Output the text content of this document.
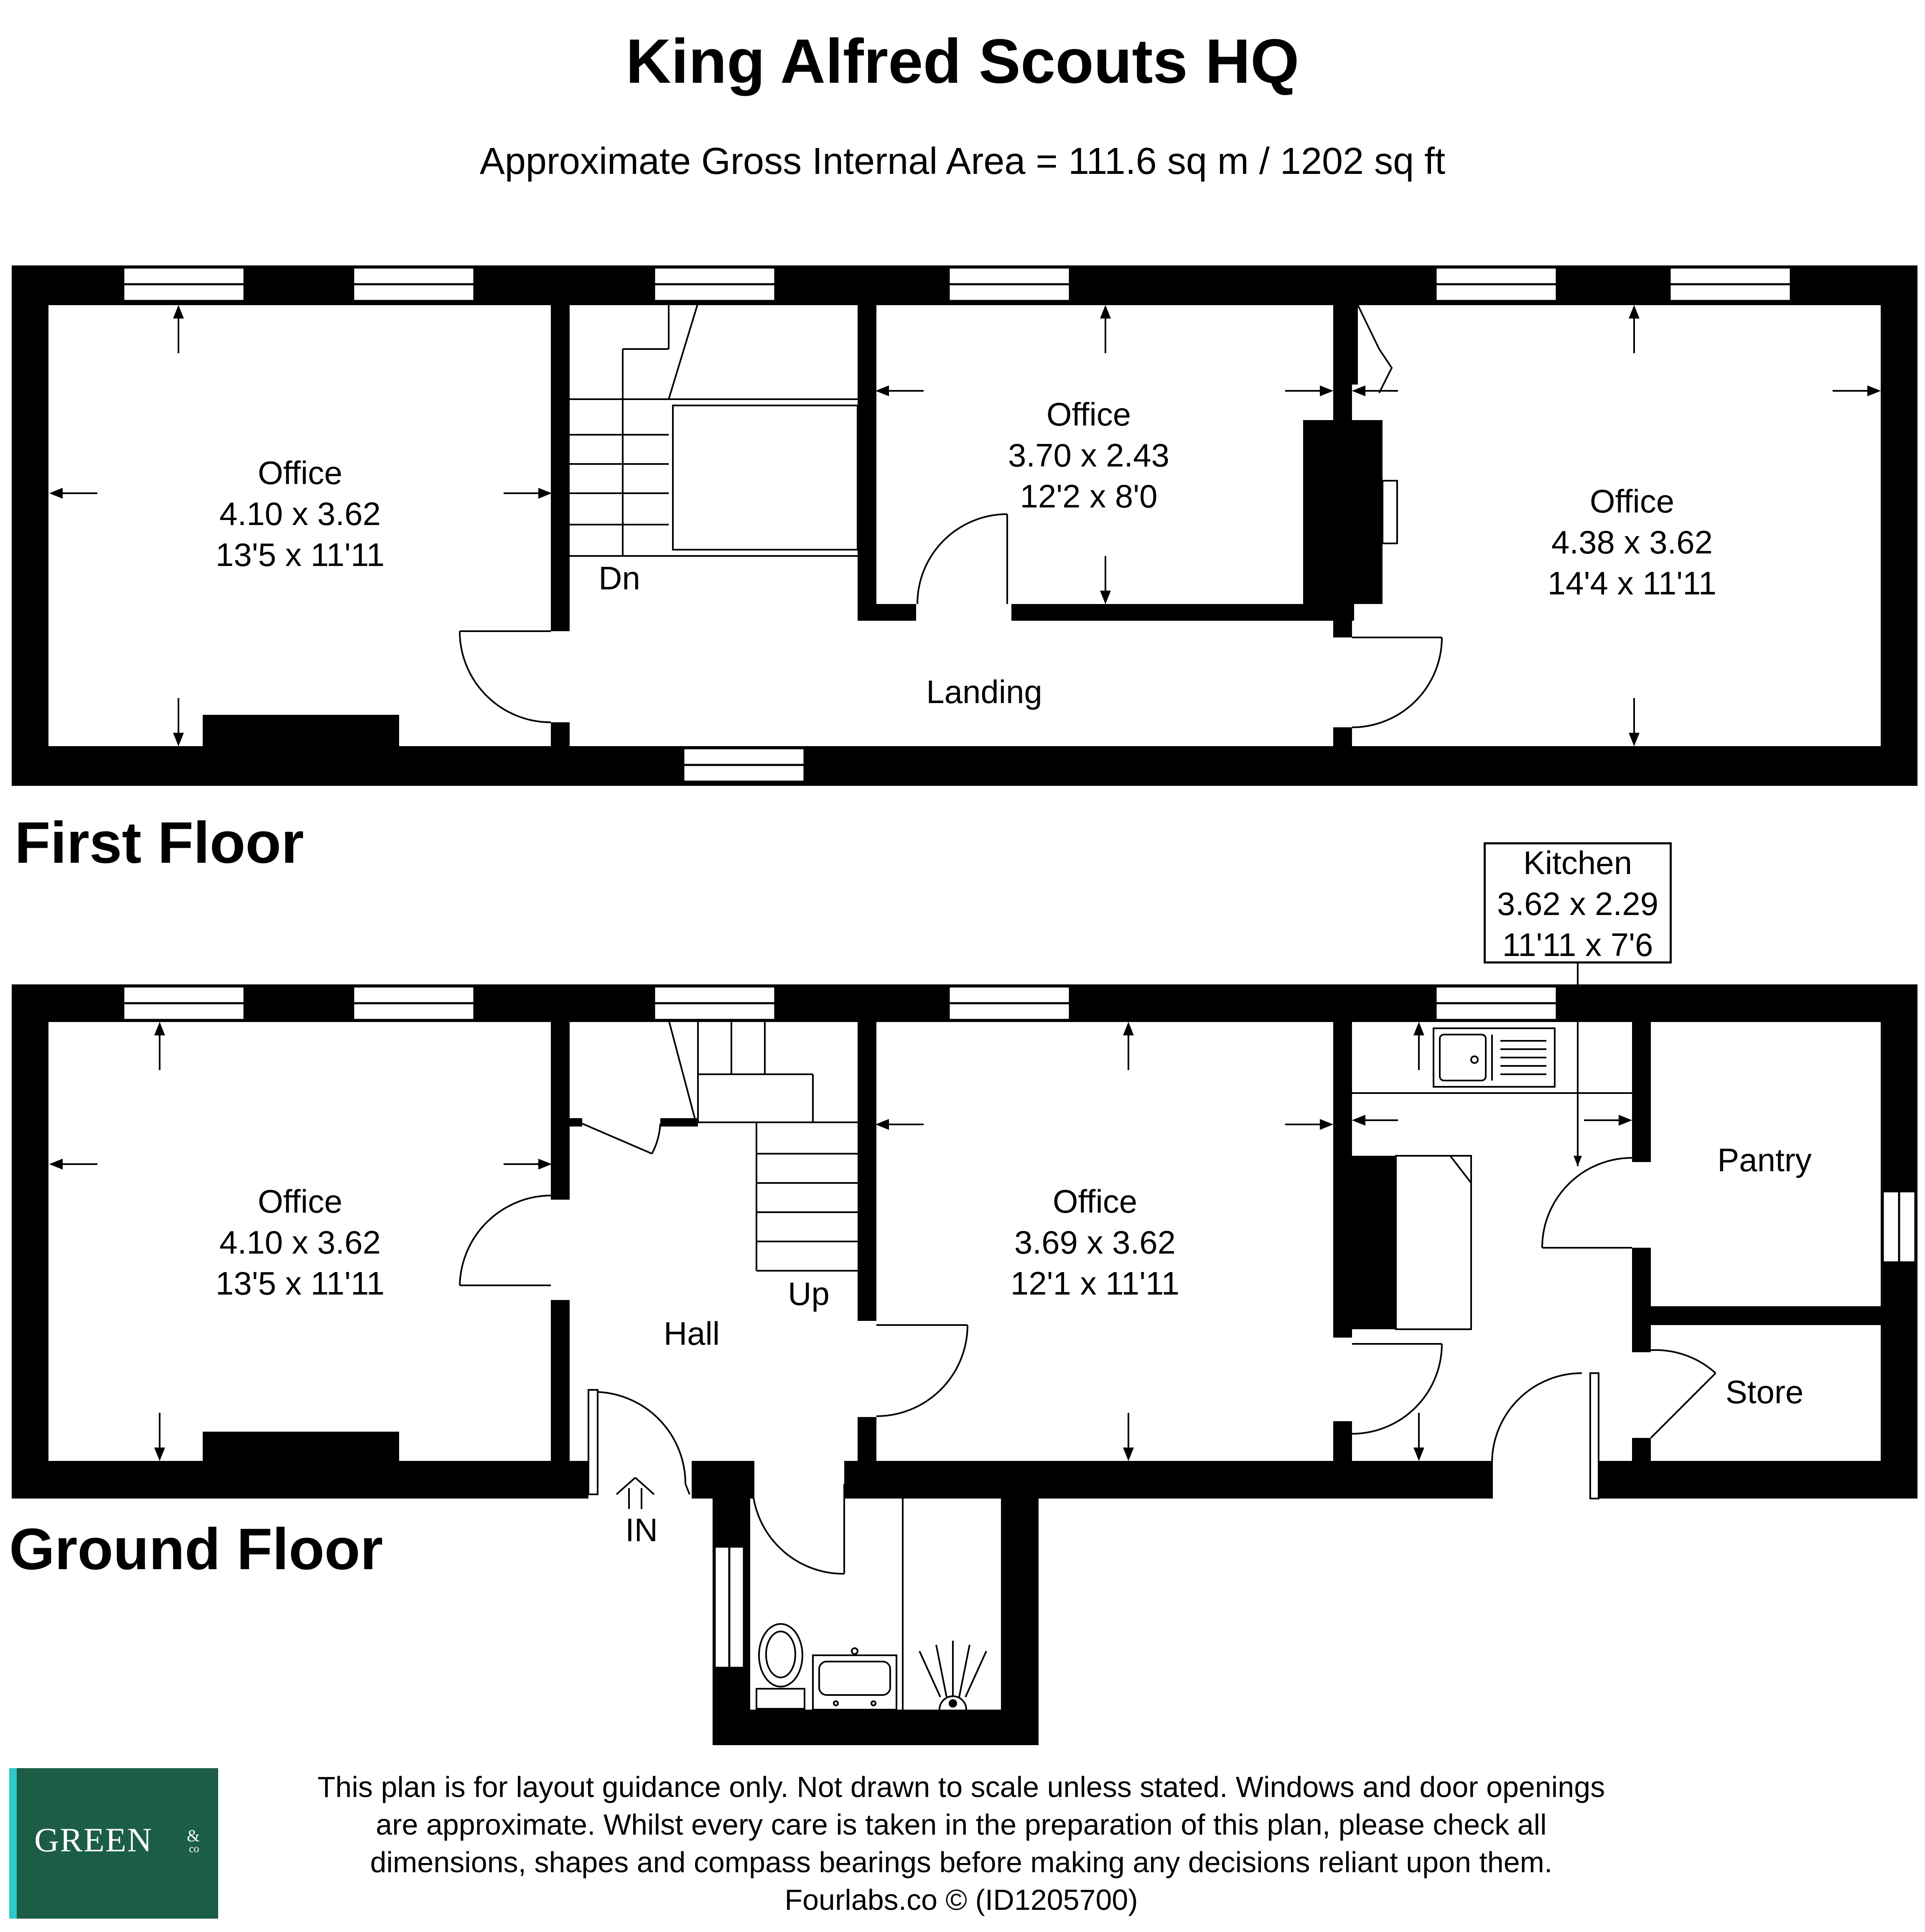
King Alfred Scouts HQ
Approximate Gross Internal Area = 111.6 sq m / 1202 sq ft
First Floor
Ground Floor
Office
4.10 x 3.62
13'5 x 11'11
Office
3.70 x 2.43
12'2 x 8'0	Office
4.38 x 3.62
14'4 x 11'11
Landing
Dn
Office
4.10 x 3.62
13'5 x 11'11
Office
3.69 x 3.62
12'1 x 11'11
Kitchen
3.62 x 2.29
11'11 x 7'6
Hall
Up
Pantry
Store
IN
GREEN &
co
This plan is for layout guidance only. Not drawn to scale unless stated. Windows and door openings
are approximate. Whilst every care is taken in the preparation of this plan, please check all
dimensions, shapes and compass bearings before making any decisions reliant upon them.
Fourlabs.co © (ID1205700)
